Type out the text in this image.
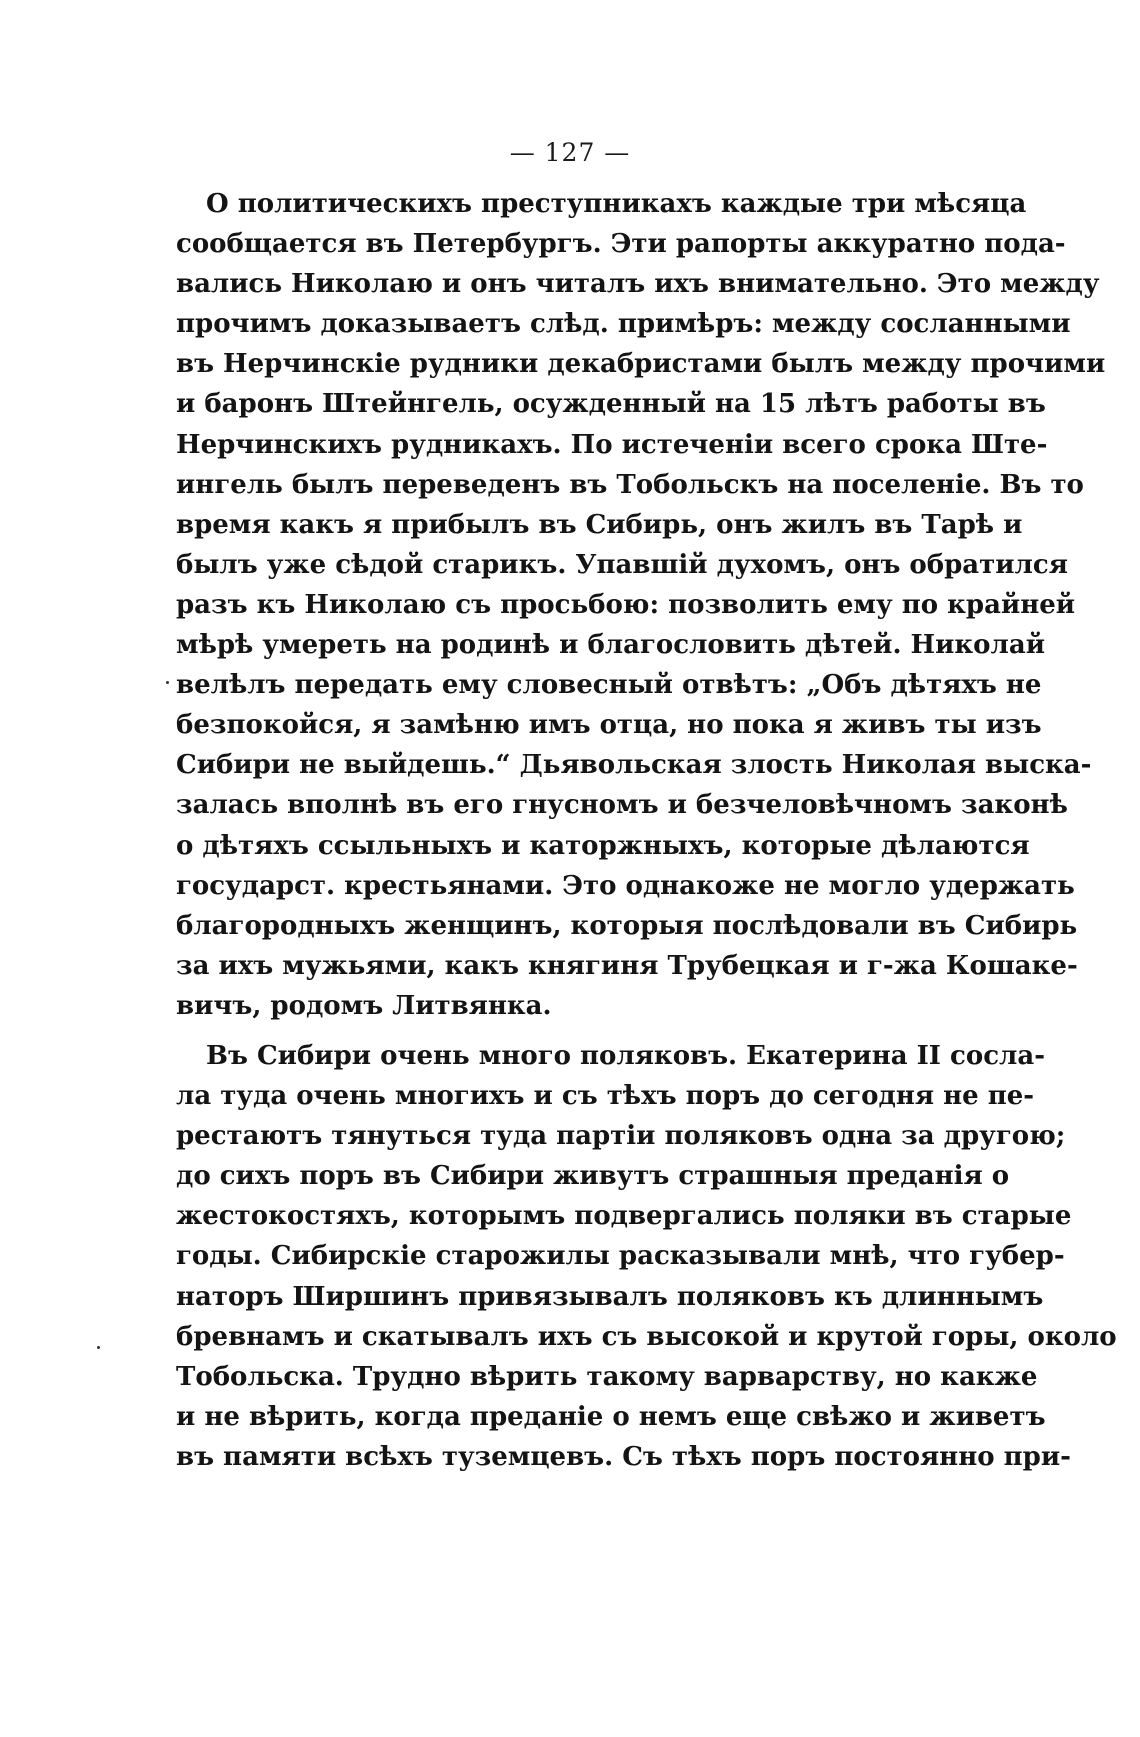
— 127 —
О политическихъ преступникахъ каждые три мѣсяца
сообщается въ Петербургъ. Эти рапорты аккуратно пода-
вались Николаю и онъ читалъ ихъ внимательно. Это между
прочимъ доказываетъ слѣд. примѣръ: между сосланными
въ Нерчинскіе рудники декабристами былъ между прочими
и баронъ Штейнгель, осужденный на 15 лѣтъ работы въ
Нерчинскихъ рудникахъ. По истеченіи всего срока Ште-
ингель былъ переведенъ въ Тобольскъ на поселеніе. Въ то
время какъ я прибылъ въ Сибирь, онъ жилъ въ Тарѣ и
былъ уже сѣдой старикъ. Упавшій духомъ, онъ обратился
разъ къ Николаю съ просьбою: позволить ему по крайней
мѣрѣ умереть на родинѣ и благословить дѣтей. Николай
велѣлъ передать ему словесный отвѣтъ: „Объ дѣтяхъ не
безпокойся, я замѣню имъ отца, но пока я живъ ты изъ
Сибири не выйдешь.“ Дьявольская злость Николая выска-
залась вполнѣ въ его гнусномъ и безчеловѣчномъ законѣ
о дѣтяхъ ссыльныхъ и каторжныхъ, которые дѣлаются
государст. крестьянами. Это однакоже не могло удержать
благородныхъ женщинъ, которыя послѣдовали въ Сибирь
за ихъ мужьями, какъ княгиня Трубецкая и г-жа Кошаке-
вичъ, родомъ Литвянка.
Въ Сибири очень много поляковъ. Екатерина II сосла-
ла туда очень многихъ и съ тѣхъ поръ до сегодня не пе-
рестаютъ тянуться туда партіи поляковъ одна за другою;
до сихъ поръ въ Сибири живутъ страшныя преданія о
жестокостяхъ, которымъ подвергались поляки въ старые
годы. Сибирскіе старожилы расказывали мнѣ, что губер-
наторъ Ширшинъ привязывалъ поляковъ къ длиннымъ
бревнамъ и скатывалъ ихъ съ высокой и крутой горы, около
Тобольска. Трудно вѣрить такому варварству, но какже
и не вѣрить, когда преданіе о немъ еще свѣжо и живетъ
въ памяти всѣхъ туземцевъ. Съ тѣхъ поръ постоянно при-
